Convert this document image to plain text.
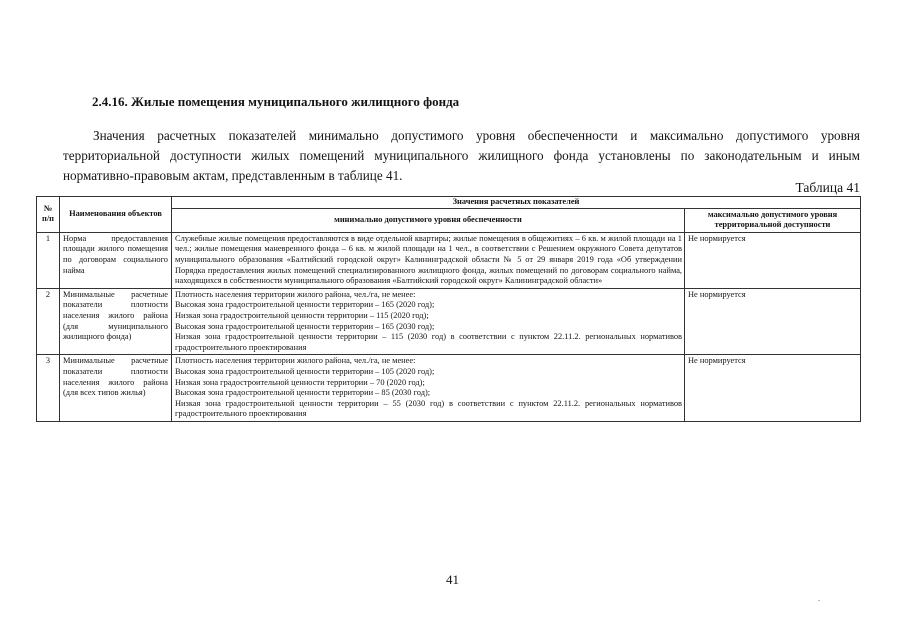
2.4.16. Жилые помещения муниципального жилищного фонда
Значения расчетных показателей минимально допустимого уровня обеспеченности и максимально допустимого уровня территориальной доступности жилых помещений муниципального жилищного фонда установлены по законодательным и иным нормативно-правовым актам, представленным в таблице 41.
Таблица 41
№ п/п	Наименования объектов	Значения расчетных показателей	
		минимально допустимого уровня обеспеченности	максимально допустимого уровня территориальной доступности
1	Норма предоставления площади жилого помещения по договорам социального найма	Служебные жилые помещения предоставляются в виде отдельной квартиры; жилые помещения в общежитиях – 6 кв. м жилой площади на 1 чел.; жилые помещения маневренного фонда – 6 кв. м жилой площади на 1 чел., в соответствии с Решением окружного Совета депутатов муниципального образования «Балтийский городской округ» Калининградской области № 5 от 29 января 2019 года «Об утверждении Порядка предоставления жилых помещений специализированного жилищного фонда, жилых помещений по договорам социального найма, находящихся в собственности муниципального образования «Балтийский городской округ» Калининградской области»	Не нормируется
2	Минимальные расчетные показатели плотности населения жилого района (для муниципального жилищного фонда)	Плотность населения территории жилого района, чел./га, не менее:
Высокая зона градостроительной ценности территории – 165 (2020 год);
Низкая зона градостроительной ценности территории – 115 (2020 год);
Высокая зона градостроительной ценности территории – 165 (2030 год);
Низкая зона градостроительной ценности территории – 115 (2030 год) в соответствии с пунктом 22.11.2. региональных нормативов градостроительного проектирования	Не нормируется
3	Минимальные расчетные показатели плотности населения жилого района (для всех типов жилья)	Плотность населения территории жилого района, чел./га, не менее:
Высокая зона градостроительной ценности территории – 105 (2020 год);
Низкая зона градостроительной ценности территории – 70 (2020 год);
Высокая зона градостроительной ценности территории – 85 (2030 год);
Низкая зона градостроительной ценности территории – 55 (2030 год) в соответствии с пунктом 22.11.2. региональных нормативов градостроительного проектирования	Не нормируется
41
